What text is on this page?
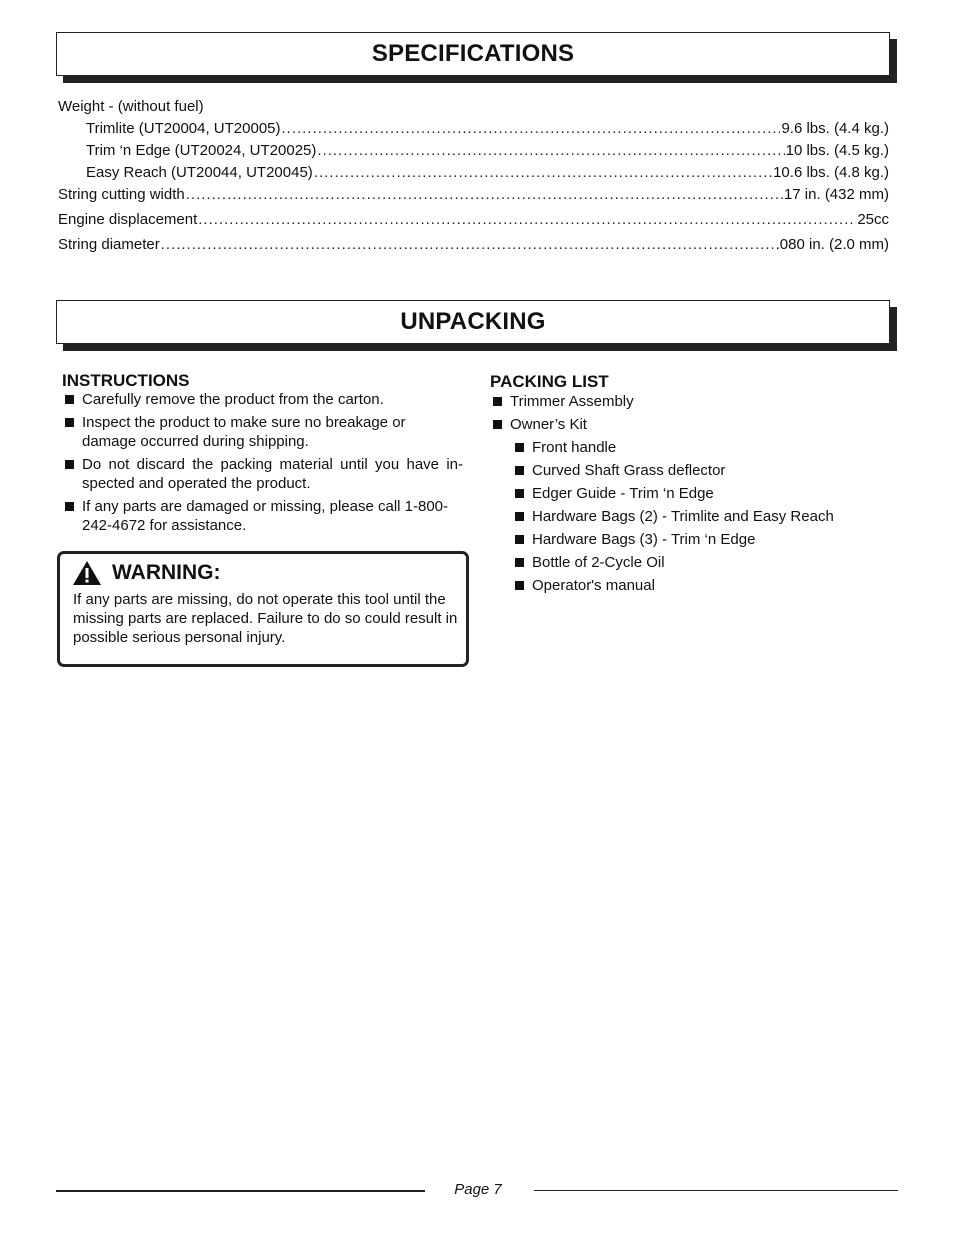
SPECIFICATIONS
Weight - (without fuel)
Trimlite (UT20004, UT20005) .....	9.6 lbs. (4.4 kg.)
Trim ‘n Edge (UT20024, UT20025) .....	10 lbs. (4.5 kg.)
Easy Reach (UT20044, UT20045) .....	10.6 lbs. (4.8 kg.)
String cutting width .....	17 in. (432 mm)
Engine displacement .....	25cc
String diameter .....	.080 in. (2.0 mm)
UNPACKING
INSTRUCTIONS
Carefully remove the product from the carton.
Inspect the product to make sure no breakage or damage occurred during shipping.
Do not discard the packing material until you have in-spected and operated the product.
If any parts are damaged or missing, please call 1-800-242-4672 for assistance.
WARNING:
If any parts are missing, do not operate this tool until the missing parts are replaced. Failure to do so could result in possible serious personal injury.
PACKING LIST
Trimmer Assembly
Owner’s Kit
Front handle
Curved Shaft Grass deflector
Edger Guide - Trim ‘n Edge
Hardware Bags (2) - Trimlite and Easy Reach
Hardware Bags (3) - Trim ‘n Edge
Bottle of 2-Cycle Oil
Operator's manual
Page 7
